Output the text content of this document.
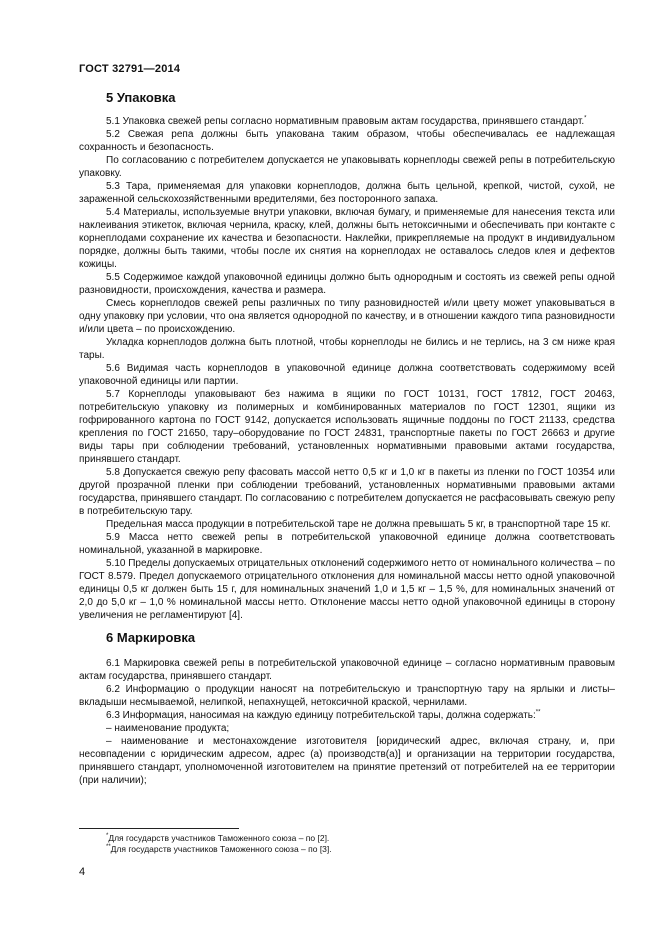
ГОСТ 32791—2014
5 Упаковка

5.1 Упаковка свежей репы согласно нормативным правовым актам государства, принявшего стандарт.*

5.2 Свежая репа должны быть упакована таким образом, чтобы обеспечивалась ее надлежащая сохранность и безопасность.

По согласованию с потребителем допускается не упаковывать корнеплоды свежей репы в потребительскую упаковку.

5.3 Тара, применяемая для упаковки корнеплодов, должна быть цельной, крепкой, чистой, сухой, не зараженной сельскохозяйственными вредителями, без посторонного запаха.

5.4 Материалы, используемые внутри упаковки, включая бумагу, и применяемые для нанесения текста или наклеивания этикеток, включая чернила, краску, клей, должны быть нетоксичными и обеспечивать при контакте с корнеплодами сохранение их качества и безопасности. Наклейки, прикрепляемые на продукт в индивидуальном порядке, должны быть такими, чтобы после их снятия на корнеплодах не оставалось следов клея и дефектов кожицы.

5.5 Содержимое каждой упаковочной единицы должно быть однородным и состоять из свежей репы одной разновидности, происхождения, качества и размера.

Смесь корнеплодов свежей репы различных по типу разновидностей и/или цвету может упаковываться в одну упаковку при условии, что она является однородной по качеству, и в отношении каждого типа разновидности и/или цвета – по происхождению.

Укладка корнеплодов должна быть плотной, чтобы корнеплоды не бились и не терлись, на 3 см ниже края тары.

5.6 Видимая часть корнеплодов в упаковочной единице должна соответствовать содержимому всей упаковочной единицы или партии.

5.7 Корнеплоды упаковывают без нажима в ящики по ГОСТ 10131, ГОСТ 17812, ГОСТ 20463, потребительскую упаковку из полимерных и комбинированных материалов по ГОСТ 12301, ящики из гофрированного картона по ГОСТ 9142, допускается использовать ящичные поддоны по ГОСТ 21133, средства крепления по ГОСТ 21650, тару–оборудование по ГОСТ 24831, транспортные пакеты по ГОСТ 26663 и другие виды тары при соблюдении требований, установленных нормативными правовыми актами государства, принявшего стандарт.

5.8 Допускается свежую репу фасовать массой нетто 0,5 кг и 1,0 кг в пакеты из пленки по ГОСТ 10354 или другой прозрачной пленки при соблюдении требований, установленных нормативными правовыми актами государства, принявшего стандарт. По согласованию с потребителем допускается не расфасовывать свежую репу в потребительскую тару.

Предельная масса продукции в потребительской таре не должна превышать 5 кг, в транспортной таре 15 кг.

5.9 Масса нетто свежей репы в потребительской упаковочной единице должна соответствовать номинальной, указанной в маркировке.

5.10 Пределы допускаемых отрицательных отклонений содержимого нетто от номинального количества – по ГОСТ 8.579. Предел допускаемого отрицательного отклонения для номинальной массы нетто одной упаковочной единицы 0,5 кг должен быть 15 г, для номинальных значений 1,0 и 1,5 кг – 1,5 %, для номинальных значений от 2,0 до 5,0 кг – 1,0 % номинальной массы нетто. Отклонение массы нетто одной упаковочной единицы в сторону увеличения не регламентируют [4].

6 Маркировка

6.1 Маркировка свежей репы в потребительской упаковочной единице – согласно нормативным правовым актам государства, принявшего стандарт.

6.2 Информацию о продукции наносят на потребительскую и транспортную тару на ярлыки и листы–вкладыши несмываемой, нелипкой, непахнущей, нетоксичной краской, чернилами.

6.3 Информация, наносимая на каждую единицу потребительской тары, должна содержать:**

– наименование продукта;

– наименование и местонахождение изготовителя [юридический адрес, включая страну, и, при несовпадении с юридическим адресом, адрес (а) производств(а)] и организации на территории государства, принявшего стандарт, уполномоченной изготовителем на принятие претензий от потребителей на ее территории (при наличии);

*Для государств участников Таможенного союза – по [2].
**Для государств участников Таможенного союза – по [3].
4
